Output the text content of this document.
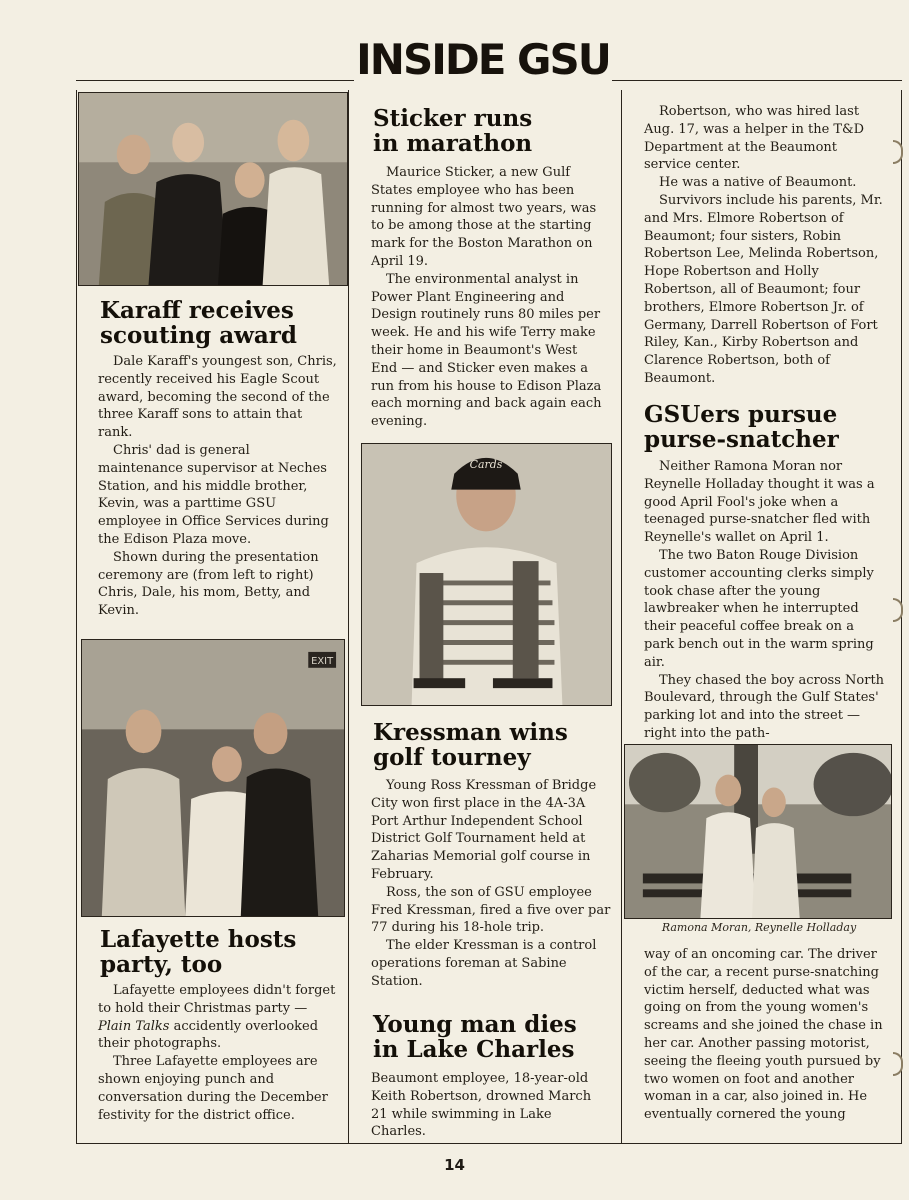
INSIDE GSU
Karaff receives
scouting award

Dale Karaff's youngest son, Chris, recently received his Eagle Scout award, becoming the second of the three Karaff sons to attain that rank.

Chris' dad is general maintenance supervisor at Neches Station, and his middle brother, Kevin, was a parttime GSU employee in Office Services during the Edison Plaza move.

Shown during the presentation ceremony are (from left to right) Chris, Dale, his mom, Betty, and Kevin.

EXIT
Lafayette hosts
party, too

Lafayette employees didn't forget to hold their Christmas party — Plain Talks accidently overlooked their photographs.

Three Lafayette employees are shown enjoying punch and conversation during the December festivity for the district office.

Sticker runs
in marathon

Maurice Sticker, a new Gulf States employee who has been running for almost two years, was to be among those at the starting mark for the Boston Marathon on April 19.

The environmental analyst in Power Plant Engineering and Design routinely runs 80 miles per week. He and his wife Terry make their home in Beaumont's West End — and Sticker even makes a run from his house to Edison Plaza each morning and back again each evening.

Cards
Kressman wins
golf tourney

Young Ross Kressman of Bridge City won first place in the 4A-3A Port Arthur Independent School District Golf Tournament held at Zaharias Memorial golf course in February.

Ross, the son of GSU employee Fred Kressman, fired a five over par 77 during his 18-hole trip.

The elder Kressman is a control operations foreman at Sabine Station.

Young man dies
in Lake Charles

Beaumont employee, 18-year-old Keith Robertson, drowned March 21 while swimming in Lake Charles.

Robertson, who was hired last Aug. 17, was a helper in the T&D Department at the Beaumont service center.

He was a native of Beaumont.

Survivors include his parents, Mr. and Mrs. Elmore Robertson of Beaumont; four sisters, Robin Robertson Lee, Melinda Robertson, Hope Robertson and Holly Robertson, all of Beaumont; four brothers, Elmore Robertson Jr. of Germany, Darrell Robertson of Fort Riley, Kan., Kirby Robertson and Clarence Robertson, both of Beaumont.

GSUers pursue
purse-snatcher

Neither Ramona Moran nor Reynelle Holladay thought it was a good April Fool's joke when a teenaged purse-snatcher fled with Reynelle's wallet on April 1.

The two Baton Rouge Division customer accounting clerks simply took chase after the young lawbreaker when he interrupted their peaceful coffee break on a park bench out in the warm spring air.

They chased the boy across North Boulevard, through the Gulf States' parking lot and into the street — right into the path-

Ramona Moran, Reynelle Holladay

way of an oncoming car. The driver of the car, a recent purse-snatching victim herself, deducted what was going on from the young women's screams and she joined the chase in her car. Another passing motorist, seeing the fleeing youth pursued by two women on foot and another woman in a car, also joined in. He eventually cornered the young

14
